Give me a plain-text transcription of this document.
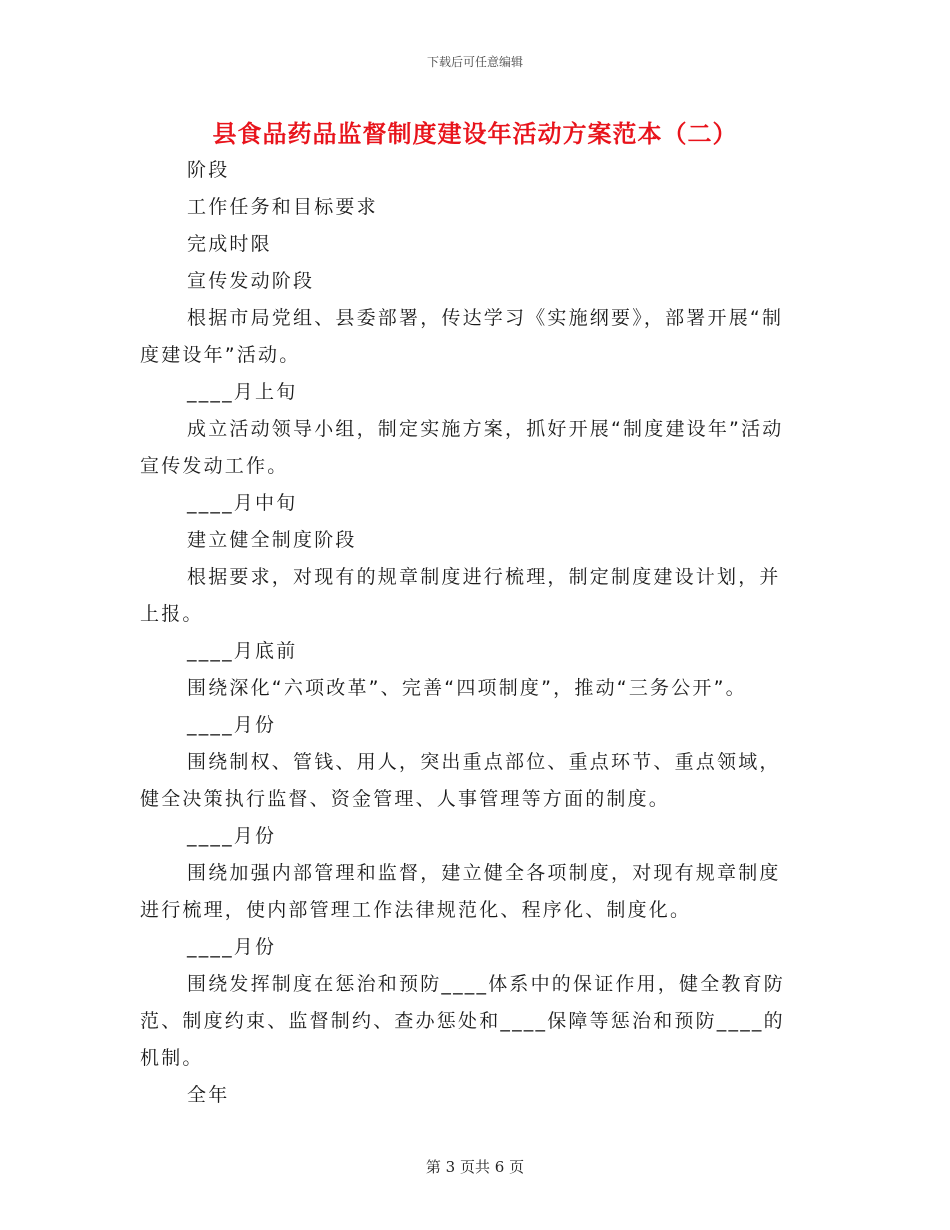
下载后可任意编辑
县食品药品监督制度建设年活动方案范本（二）

阶段

工作任务和目标要求

完成时限

宣传发动阶段

根据市局党组、县委部署，传达学习《实施纲要》，部署开展“制度建设年”活动。

____月上旬

成立活动领导小组，制定实施方案，抓好开展“制度建设年”活动宣传发动工作。

____月中旬

建立健全制度阶段

根据要求，对现有的规章制度进行梳理，制定制度建设计划，并上报。

____月底前

围绕深化“六项改革”、完善“四项制度”，推动“三务公开”。

____月份

围绕制权、管钱、用人，突出重点部位、重点环节、重点领域，健全决策执行监督、资金管理、人事管理等方面的制度。

____月份

围绕加强内部管理和监督，建立健全各项制度，对现有规章制度进行梳理，使内部管理工作法律规范化、程序化、制度化。

____月份

围绕发挥制度在惩治和预防____体系中的保证作用，健全教育防范、制度约束、监督制约、查办惩处和____保障等惩治和预防____的机制。

全年

第 3 页共 6 页
